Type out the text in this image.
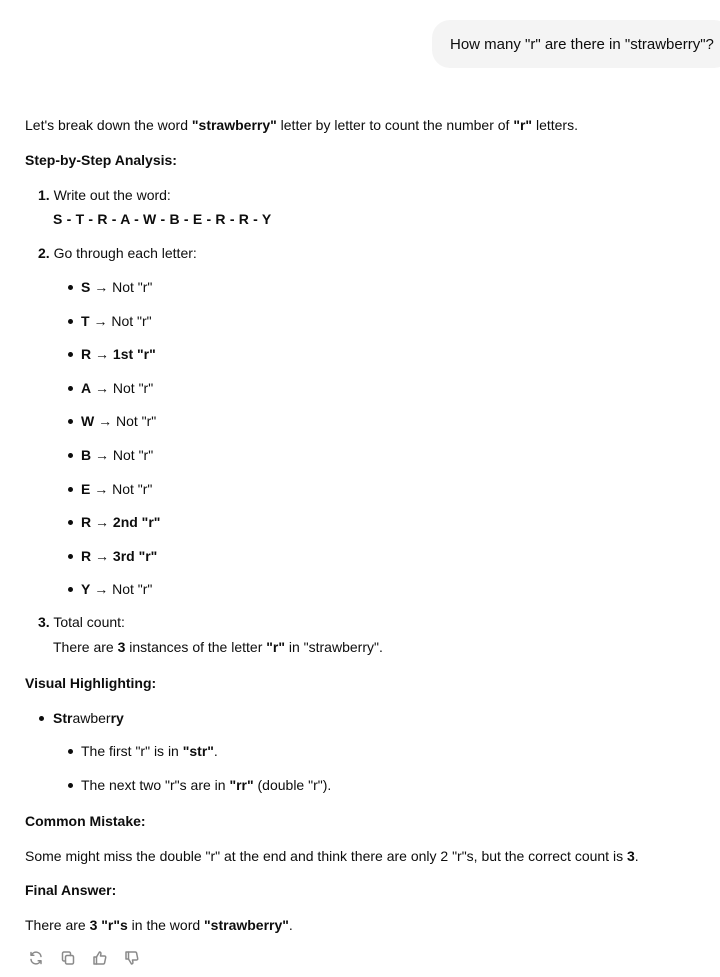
How many "r" are there in "strawberry"?
Let's break down the word "strawberry" letter by letter to count the number of "r" letters.
Step-by-Step Analysis:
1. Write out the word:
S - T - R - A - W - B - E - R - R - Y
2. Go through each letter:
S → Not "r"
T → Not "r"
R → 1st "r"
A → Not "r"
W → Not "r"
B → Not "r"
E → Not "r"
R → 2nd "r"
R → 3rd "r"
Y → Not "r"
3. Total count:
There are 3 instances of the letter "r" in "strawberry".
Visual Highlighting:
Strawberry
The first "r" is in "str".
The next two "r"s are in "rr" (double "r").
Common Mistake:
Some might miss the double "r" at the end and think there are only 2 "r"s, but the correct count is 3.
Final Answer:
There are 3 "r"s in the word "strawberry".
